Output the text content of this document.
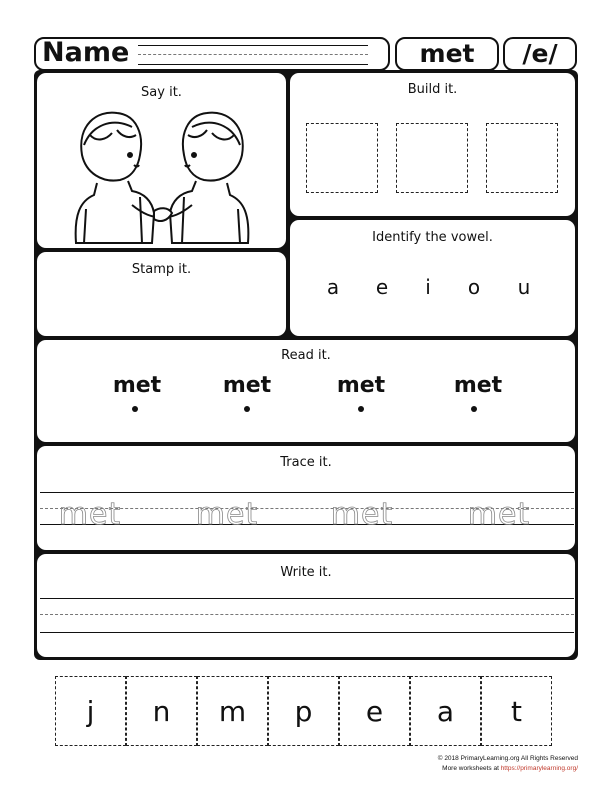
Name	met	/e/
Say it.	Build it.
Stamp it.
Identify the vowel.
a	e	i	o	u
Read it.
met	met	met	met
Trace it.
met	met	met	met
Write it.
j	n	m	p	e	a	t
© 2018 PrimaryLearning.org All Rights Reserved
More worksheets at https://primarylearning.org/
